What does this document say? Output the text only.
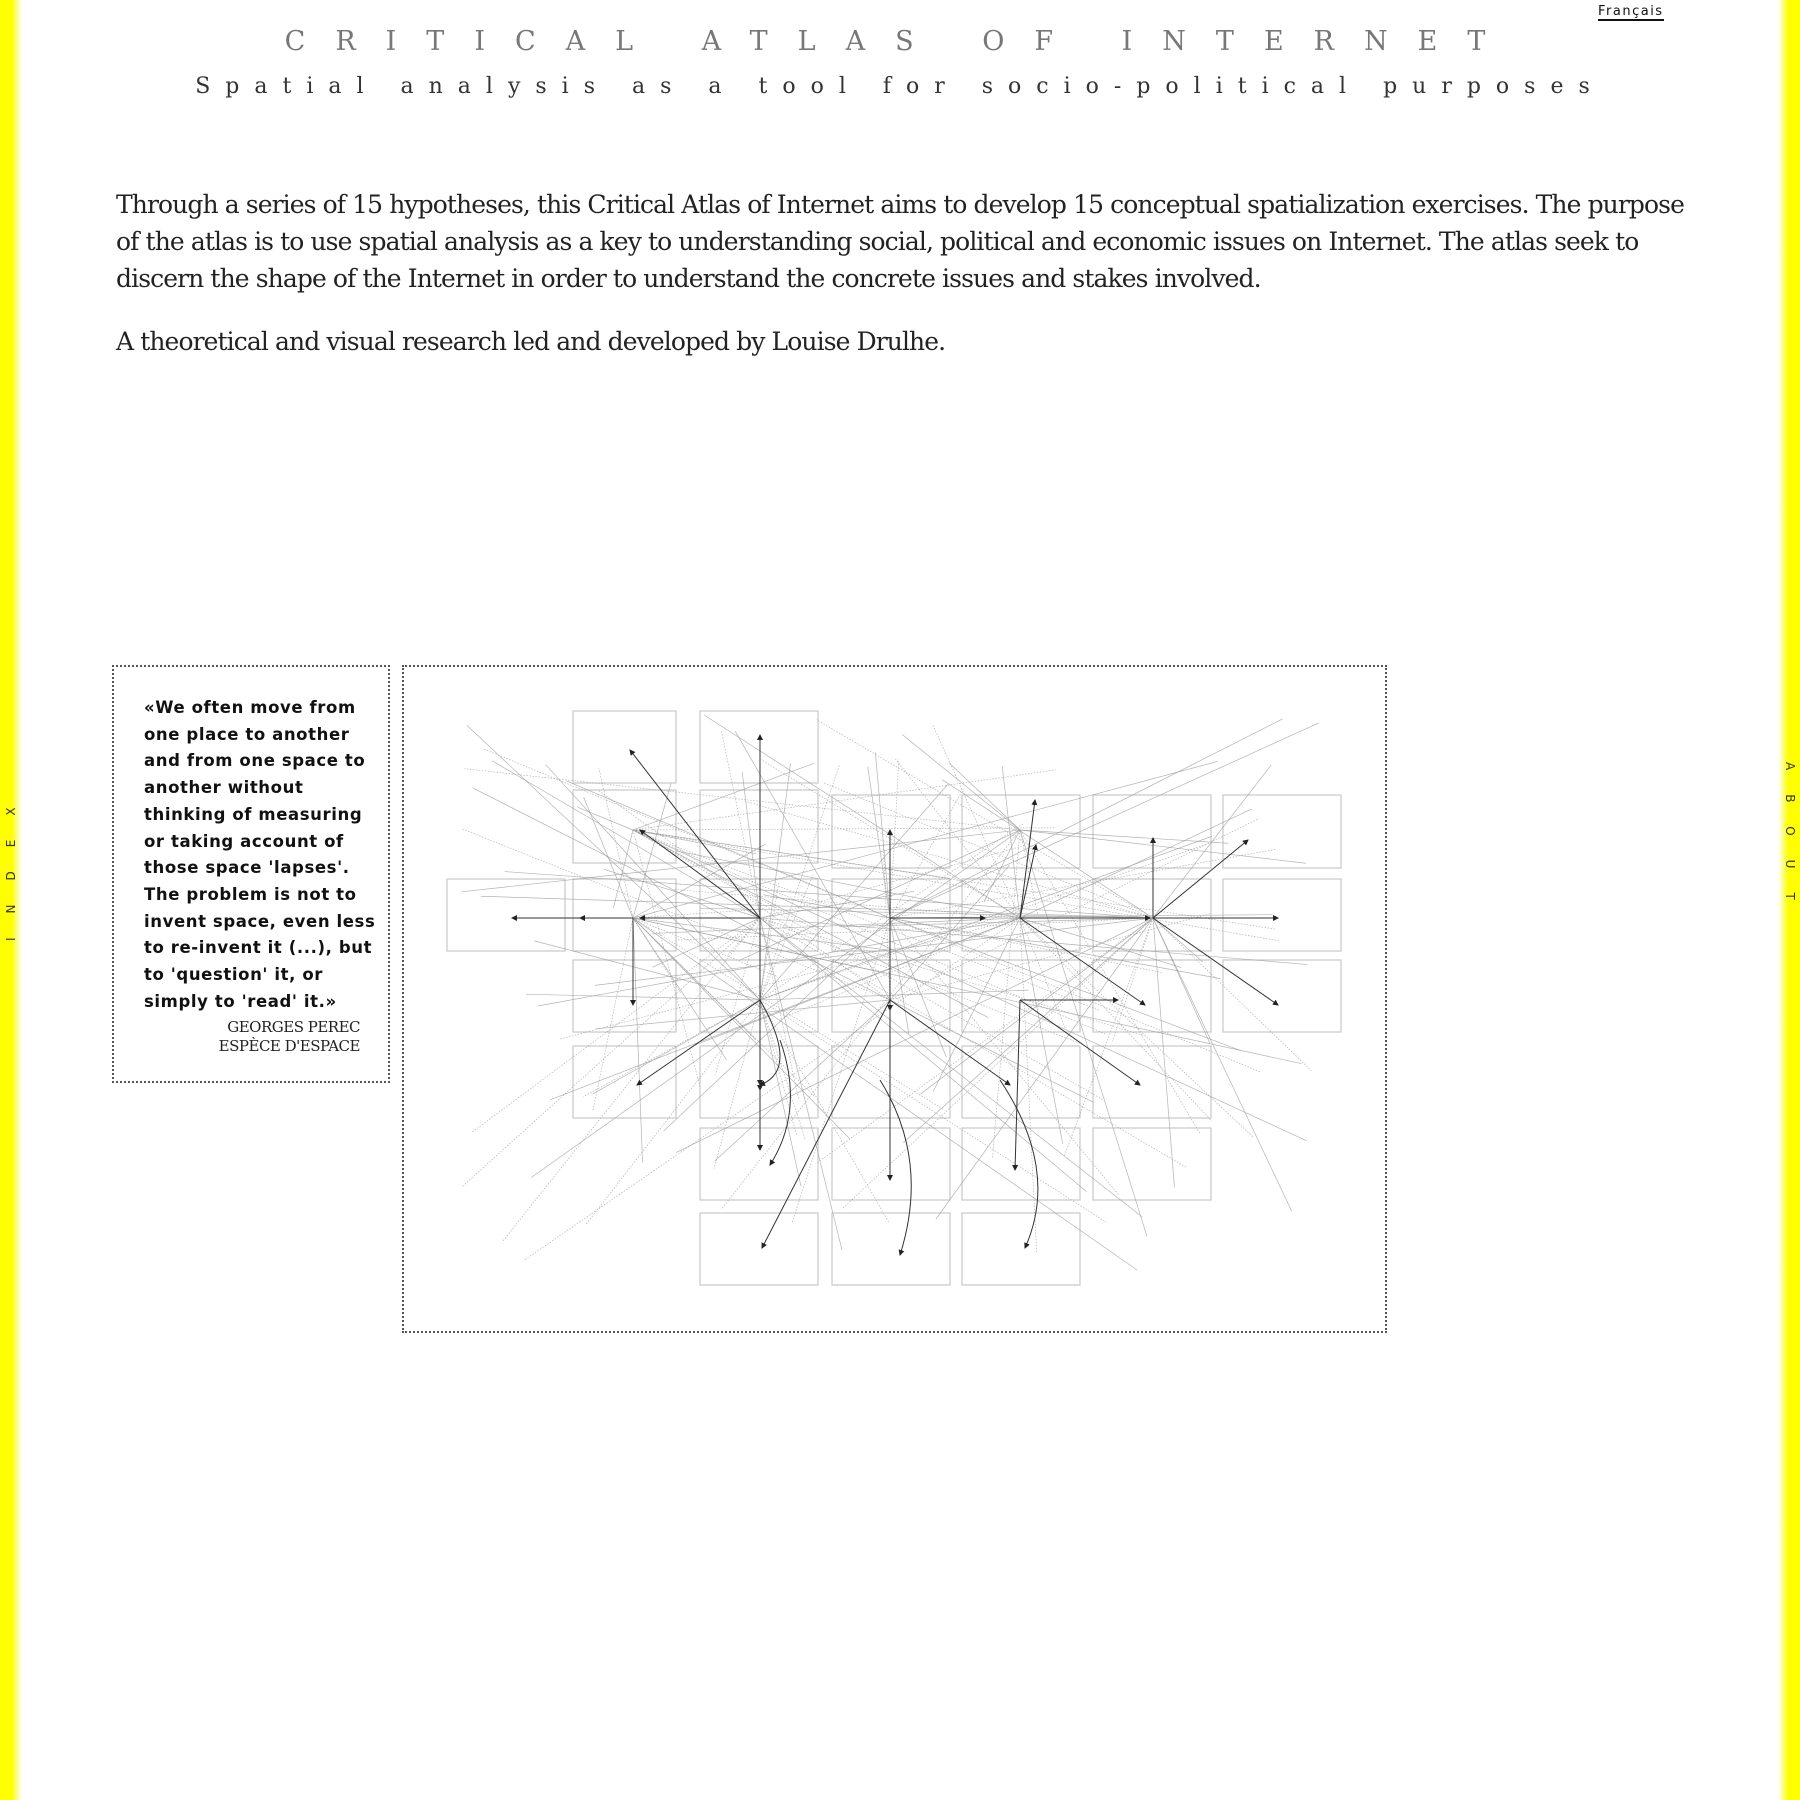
INDEX	ABOUT
Français
CRITICAL ATLAS OF INTERNET
Spatial analysis as a tool for socio-political purposes

Through a series of 15 hypotheses, this Critical Atlas of Internet aims to develop 15 conceptual spatialization exercises. The purpose of the atlas is to use spatial analysis as a key to understanding social, political and economic issues on Internet. The atlas seek to discern the shape of the Internet in order to understand the concrete issues and stakes involved.

A theoretical and visual research led and developed by Louise Drulhe.

«We often move from one place to another and from one space to another without thinking of measuring or taking account of those space 'lapses'. The problem is not to invent space, even less to re-invent it (...), but to 'question' it, or simply to 'read' it.»

GEORGES PEREC
ESPÈCE D'ESPACE
